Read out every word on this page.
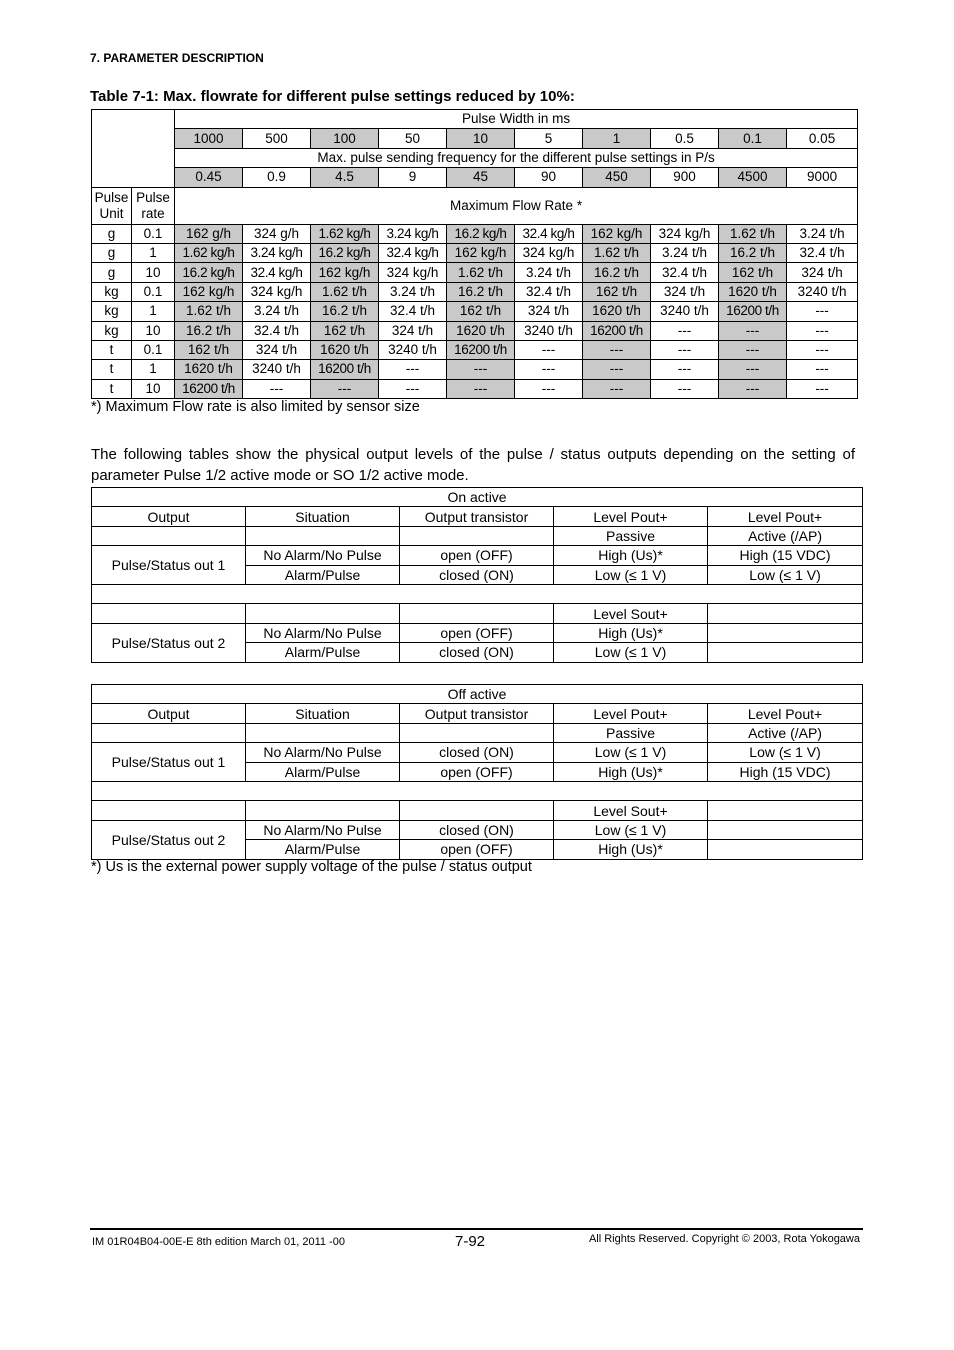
7. PARAMETER DESCRIPTION
Table 7-1: Max. flowrate for different pulse settings reduced by 10%:
		Pulse Width in ms									
		1000	500	100	50	10	5	1	0.5	0.1	0.05
		Max. pulse sending frequency for the different pulse settings in P/s									
		0.45	0.9	4.5	9	45	90	450	900	4500	9000
Pulse Unit	Pulse rate	Maximum Flow Rate *									
g	0.1	162 g/h	324 g/h	1.62 kg/h	3.24 kg/h	16.2 kg/h	32.4 kg/h	162 kg/h	324 kg/h	1.62 t/h	3.24 t/h
g	1	1.62 kg/h	3.24 kg/h	16.2 kg/h	32.4 kg/h	162 kg/h	324 kg/h	1.62 t/h	3.24 t/h	16.2 t/h	32.4 t/h
g	10	16.2 kg/h	32.4 kg/h	162 kg/h	324 kg/h	1.62 t/h	3.24 t/h	16.2 t/h	32.4 t/h	162 t/h	324 t/h
kg	0.1	162 kg/h	324 kg/h	1.62 t/h	3.24 t/h	16.2 t/h	32.4 t/h	162 t/h	324 t/h	1620 t/h	3240 t/h
kg	1	1.62 t/h	3.24 t/h	16.2 t/h	32.4 t/h	162 t/h	324 t/h	1620 t/h	3240 t/h	16200 t/h	---
kg	10	16.2 t/h	32.4 t/h	162 t/h	324 t/h	1620 t/h	3240 t/h	16200 t/h	---	---	---
t	0.1	162 t/h	324 t/h	1620 t/h	3240 t/h	16200 t/h	---	---	---	---	---
t	1	1620 t/h	3240 t/h	16200 t/h	---	---	---	---	---	---	---
t	10	16200 t/h	---	---	---	---	---	---	---	---	---
*) Maximum Flow rate is also limited by sensor size
The following tables show the physical output levels of the pulse / status outputs depending on the setting of parameter Pulse 1/2 active mode or SO 1/2 active mode.
On active				
Output	Situation	Output transistor	Level Pout+	Level Pout+
			Passive	Active (/AP)
Pulse/Status out 1	No Alarm/No Pulse	open (OFF)	High (Us)*	High (15 VDC)
	Alarm/Pulse	closed (ON)	Low (≤ 1 V)	Low (≤ 1 V)

			Level Sout+	
Pulse/Status out 2	No Alarm/No Pulse	open (OFF)	High (Us)*	
	Alarm/Pulse	closed (ON)	Low (≤ 1 V)	
Off active				
Output	Situation	Output transistor	Level Pout+	Level Pout+
			Passive	Active (/AP)
Pulse/Status out 1	No Alarm/No Pulse	closed (ON)	Low (≤ 1 V)	Low (≤ 1 V)
	Alarm/Pulse	open (OFF)	High (Us)*	High (15 VDC)

			Level Sout+	
Pulse/Status out 2	No Alarm/No Pulse	closed (ON)	Low (≤ 1 V)	
	Alarm/Pulse	open (OFF)	High (Us)*	
*) Us is the external power supply voltage of the pulse / status output
IM 01R04B04-00E-E 8th edition March 01, 2011 -00	7-92	All Rights Reserved. Copyright © 2003, Rota Yokogawa
